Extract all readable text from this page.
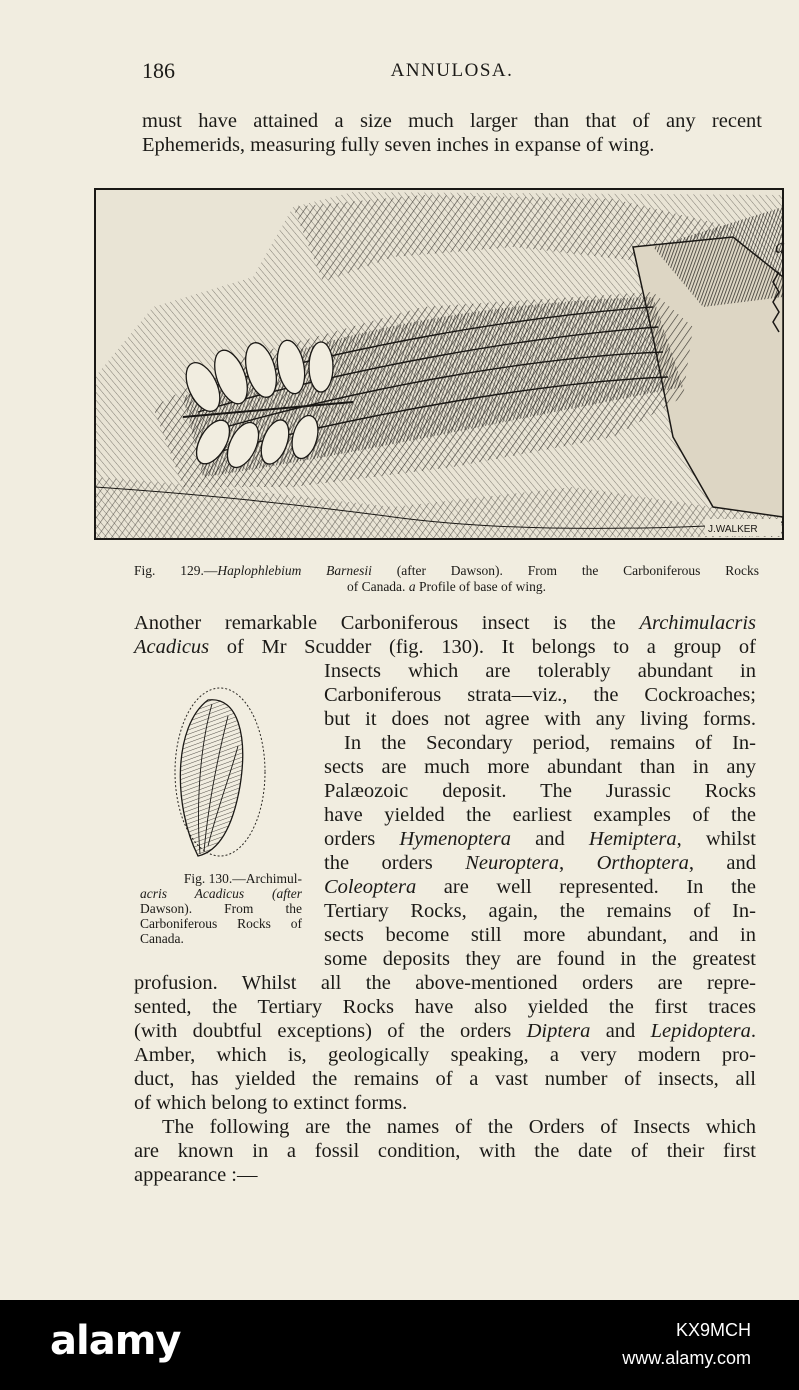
186	ANNULOSA.

must have attained a size much larger than that of any recent

Ephemerids, measuring fully seven inches in expanse of wing.

a
J.WALKER

Fig. 129.—Haplophlebium Barnesii (after Dawson). From the Carboniferous Rocks

of Canada. a Profile of base of wing.

Another remarkable Carboniferous insect is the Archimulacris

Acadicus of Mr Scudder (fig. 130). It belongs to a group of

Insects which are tolerably abundant in

Carboniferous strata—viz., the Cockroaches;

but it does not agree with any living forms.

Fig. 130.—Archimul-
acris Acadicus (after
Dawson). From the
Carboniferous Rocks of
Canada.

In the Secondary period, remains of In-

sects are much more abundant than in any

Palæozoic deposit. The Jurassic Rocks

have yielded the earliest examples of the

orders Hymenoptera and Hemiptera, whilst

the orders Neuroptera, Orthoptera, and

Coleoptera are well represented. In the

Tertiary Rocks, again, the remains of In-

sects become still more abundant, and in

some deposits they are found in the greatest

profusion. Whilst all the above-mentioned orders are repre-

sented, the Tertiary Rocks have also yielded the first traces

(with doubtful exceptions) of the orders Diptera and Lepidoptera.

Amber, which is, geologically speaking, a very modern pro-

duct, has yielded the remains of a vast number of insects, all

of which belong to extinct forms.

The following are the names of the Orders of Insects which

are known in a fossil condition, with the date of their first

appearance :—

alamy	KX9MCH
www.alamy.com
